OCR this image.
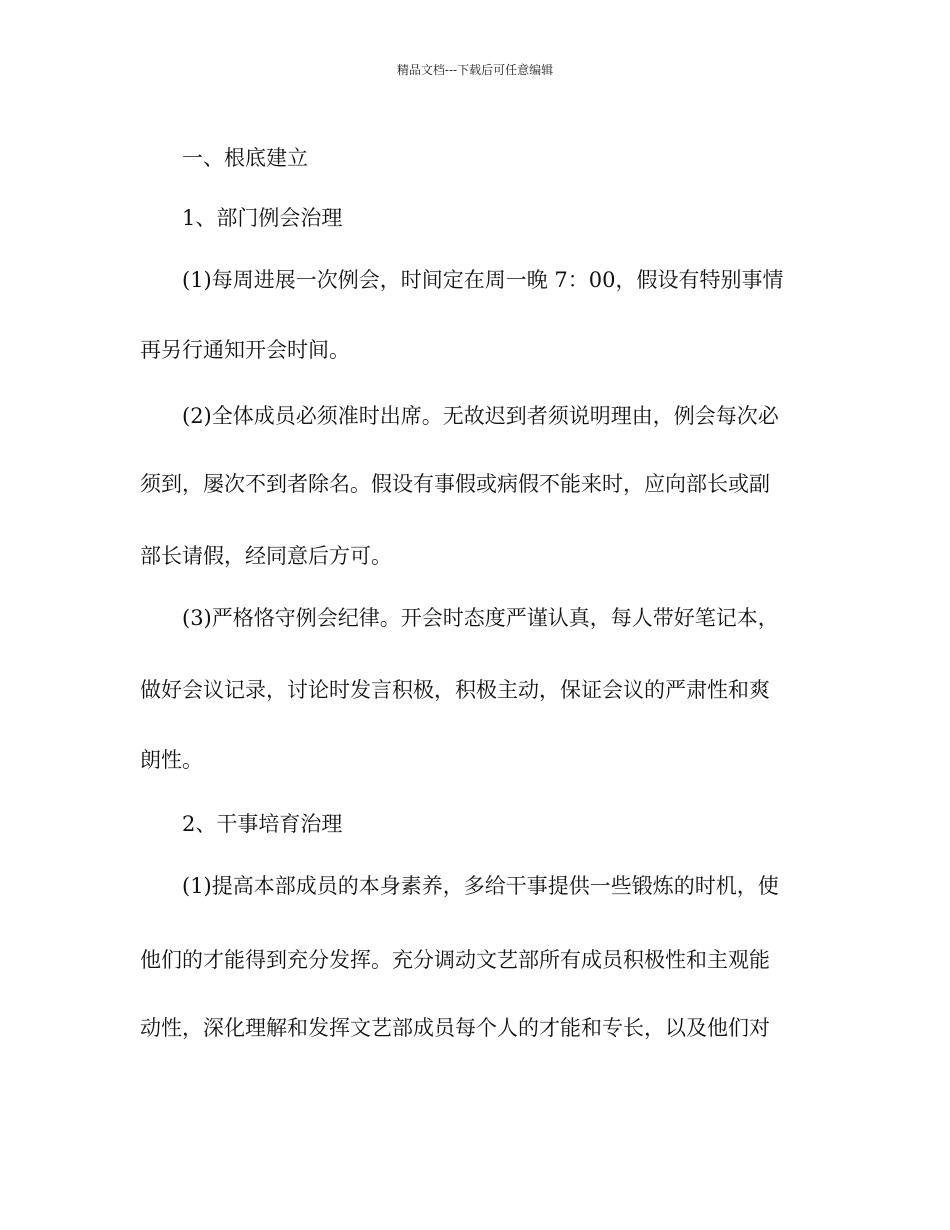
精品文档---下载后可任意编辑
一、根底建立
1、部门例会治理
(1)每周进展一次例会，时间定在周一晚 7：00，假设有特别事情
再另行通知开会时间。
(2)全体成员必须准时出席。无故迟到者须说明理由，例会每次必
须到，屡次不到者除名。假设有事假或病假不能来时，应向部长或副
部长请假，经同意后方可。
(3)严格恪守例会纪律。开会时态度严谨认真，每人带好笔记本，
做好会议记录，讨论时发言积极，积极主动，保证会议的严肃性和爽
朗性。
2、干事培育治理
(1)提高本部成员的本身素养，多给干事提供一些锻炼的时机，使
他们的才能得到充分发挥。充分调动文艺部所有成员积极性和主观能
动性，深化理解和发挥文艺部成员每个人的才能和专长，以及他们对
